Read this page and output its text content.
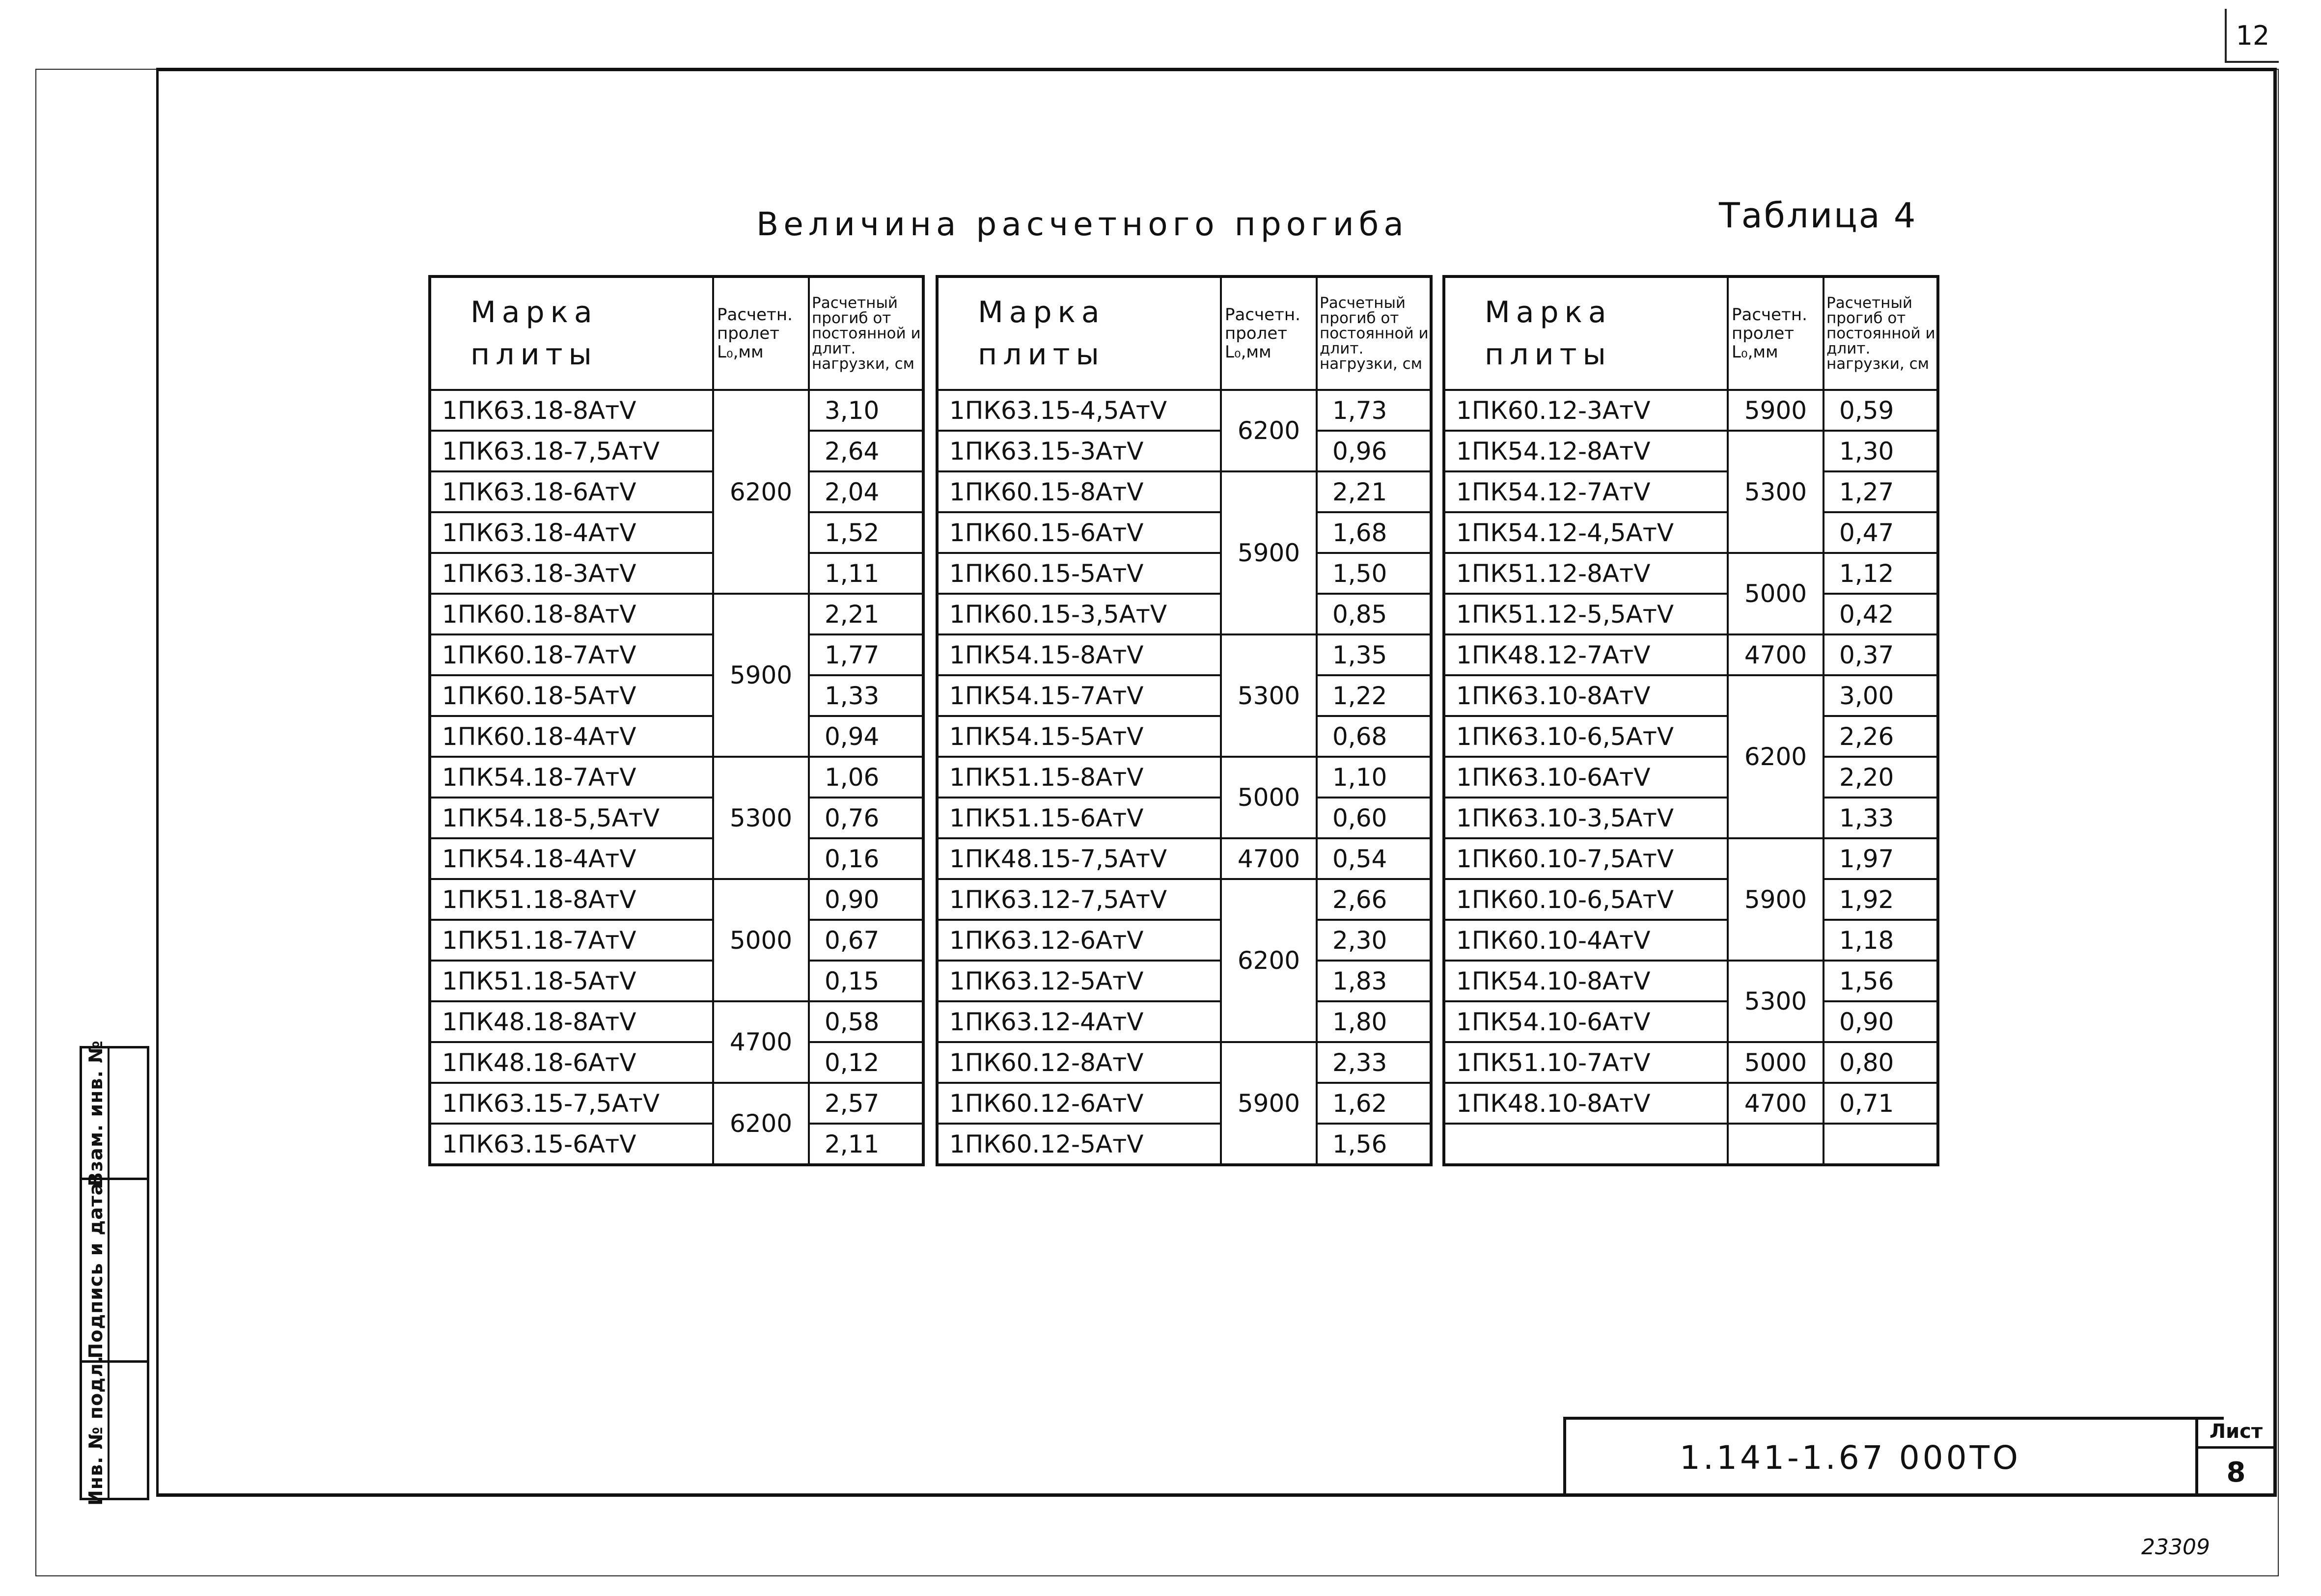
12
Взам. инв. №
Подпись и дата
Инв. № подл.
Величина расчетного прогиба	Таблица 4
Марка плиты	Расчетн. пролет L₀,мм	Расчетный прогиб от постоянной и длит. нагрузки, см
1ПК63.18-8АтV	6200	3,10
1ПК63.18-7,5АтV		2,64
1ПК63.18-6АтV		2,04
1ПК63.18-4АтV		1,52
1ПК63.18-3АтV		1,11
1ПК60.18-8АтV	5900	2,21
1ПК60.18-7АтV		1,77
1ПК60.18-5АтV		1,33
1ПК60.18-4АтV		0,94
1ПК54.18-7АтV	5300	1,06
1ПК54.18-5,5АтV		0,76
1ПК54.18-4АтV		0,16
1ПК51.18-8АтV	5000	0,90
1ПК51.18-7АтV		0,67
1ПК51.18-5АтV		0,15
1ПК48.18-8АтV	4700	0,58
1ПК48.18-6АтV		0,12
1ПК63.15-7,5АтV	6200	2,57
1ПК63.15-6АтV		2,11
Марка плиты	Расчетн. пролет L₀,мм	Расчетный прогиб от постоянной и длит. нагрузки, см
1ПК63.15-4,5АтV	6200	1,73
1ПК63.15-3АтV		0,96
1ПК60.15-8АтV	5900	2,21
1ПК60.15-6АтV		1,68
1ПК60.15-5АтV		1,50
1ПК60.15-3,5АтV		0,85
1ПК54.15-8АтV	5300	1,35
1ПК54.15-7АтV		1,22
1ПК54.15-5АтV		0,68
1ПК51.15-8АтV	5000	1,10
1ПК51.15-6АтV		0,60
1ПК48.15-7,5АтV	4700	0,54
1ПК63.12-7,5АтV	6200	2,66
1ПК63.12-6АтV		2,30
1ПК63.12-5АтV		1,83
1ПК63.12-4АтV		1,80
1ПК60.12-8АтV	5900	2,33
1ПК60.12-6АтV		1,62
1ПК60.12-5АтV		1,56
Марка плиты	Расчетн. пролет L₀,мм	Расчетный прогиб от постоянной и длит. нагрузки, см
1ПК60.12-3АтV	5900	0,59
1ПК54.12-8АтV	5300	1,30
1ПК54.12-7АтV		1,27
1ПК54.12-4,5АтV		0,47
1ПК51.12-8АтV	5000	1,12
1ПК51.12-5,5АтV		0,42
1ПК48.12-7АтV	4700	0,37
1ПК63.10-8АтV	6200	3,00
1ПК63.10-6,5АтV		2,26
1ПК63.10-6АтV		2,20
1ПК63.10-3,5АтV		1,33
1ПК60.10-7,5АтV	5900	1,97
1ПК60.10-6,5АтV		1,92
1ПК60.10-4АтV		1,18
1ПК54.10-8АтV	5300	1,56
1ПК54.10-6АтV		0,90
1ПК51.10-7АтV	5000	0,80
1ПК48.10-8АтV	4700	0,71

1.141-1.67 000ТО
Лист
8
23309
